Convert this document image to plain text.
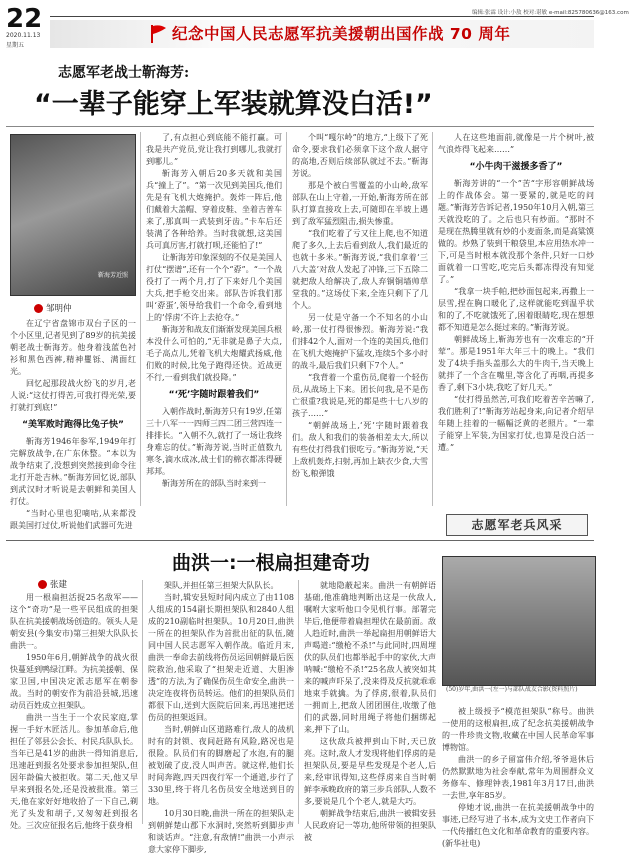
22
2020.11.13
星期五
编辑:张霖 设计:小敖 校对:谌敏 e-mail:825780636@163.com
纪念中国人民志愿军抗美援朝出国作战 70 周年
志愿军老战士靳海芳:
“一辈子能穿上军装就算没白活!”
靳海芳近照
邹明仲

在辽宁省盘锦市双台子区的一个小区里,记者见到了89岁的抗美援朝老战士靳海芳。他身着浅蓝色衬衫和黑色西裤,精神矍铄、满面红光。

回忆起那段战火纷飞的岁月,老人说:“这仗打得苦,可我打得光荣,要打就打到底!”

“美军败时跑得比兔子快”

靳海芳1946年参军,1949年打完解放战争,在广东休整。“本以为战争结束了,没想到突然接到命令往北打开赴吉林。”靳海芳回忆说,部队到武汉时才听说是去朝鲜和美国人打仗。

“当时心里也犯嘀咕,从来都没跟美国打过仗,听说他们武器可先进

了,有点担心到底能不能打赢。可我是共产党员,党让我打到哪儿,我就打到哪儿。”

靳海芳入朝后20多天就和美国兵“撞上了”。“第一次见到美国兵,他们先是有飞机大炮掩护。轰炸一阵后,他们戴着大盖帽、穿着皮鞋、坐着吉普车来了,那真叫一武装到牙齿。”卡车后还装满了各种给养。当时我就想,这美国兵可真厉害,打就打呗,还能怕了!”

让靳海芳印象深刻的不仅是美国人打仗“摆谱”,还有一个个“孬”。“一个战役打了一两个月,打了下来好几个美国大兵,把手枪交出来。部队告诉我们那叫‘孬蛋’,领导给我们一个命令,看到地上的‘俘虏’不许上去抢夺。”

靳海芳和战友们渐渐发现美国兵根本没什么可怕的,“无非就是鼻子大点,毛子高点儿,凭着飞机大炮耀武扬威,他们败的时候,比兔子跑得还快。近战更不行,一看到我们就投降。”

“‘死’字随时跟着我们”

入朝作战时,靳海芳只有19岁,任第三十八军一一四师三四二团三营四连一排排长。“入朝不久,就打了一场让我终身难忘的仗。”靳海芳说,当时正值数九寒冬,滴水成冰,战士们的棉衣都冻得硬邦邦。

靳海芳所在的部队当时来到一

个叫“嘎尔岭”的地方,“上级下了死命令,要求我们必须拿下这个敌人据守的高地,否则后续部队就过不去。”靳海芳说。

那是个被白雪覆盖的小山岭,敌军部队在山上守着,一开始,靳海芳所在部队打算直接攻上去,可随即在半坡上遇到了敌军猛烈阻击,损失惨重。

“我们吃着了亏又往上爬,也不知道爬了多久,上去后看到敌人,我们最近的也就十多米。”靳海芳说,“我们拿着‘三八大盖’对敌人发起了冲锋,三下五除二就把敌人给解决了,敌人弃铜铜墙帅草堂我的。”这场仗下来,全连只剩下了几个人。

另一仗是守备一个不知名的小山岭,那一仗打得很惨烈。靳海芳说:“我们排42个人,面对一个连的美国兵,他们在飞机大炮掩护下猛攻,连续5个多小时的战斗,最后我们只剩下7个人。”

“我背着一个重伤员,爬着一个轻伤员,从战场上下来。团长问我,是不是伤亡很重?我说是,死的都是些十七八岁的孩子……”

“朝鲜战场上,‘死’字随时跟着我们。敌人和我们的装备相差太大,所以有些仗打得我们很吃亏。”靳海芳说,“天上敌机轰炸,扫射,再加上缺衣少食,大雪纷飞,粮弹饿

人在这些地面前,就像是一片个树叶,被气浪炸得飞起来……”

“小牛肉干滋援多香了”

靳海芳讲的“一个”苦“字形容朝鲜战场上的作战体会。第一要紧的,就是吃的问题。”靳海芳告诉记者,1950年10月入朝,第三天就没吃的了。之后也只有炒面。“那时不是现在热腾里就有炒的小麦面条,而是高粱馍做的。炒熟了装到干粮袋里,本应用热水冲一下,可是当时根本就没那个条件,只好一口炒面就着一口雪吃,吃完后头都冻得没有知觉了。”

“我拿一块手帕,把炒面包起来,再撒上一层雪,捏在胸口暖化了,这样就能吃到温乎状和的了,不吃就饿死了,困着眼睛吃,现在想想都不知道是怎么挺过来的。”靳海芳说。

朝鲜战场上,靳海芳也有一次难忘的“开荤”。那是1951年大年三十的晚上。“我们发了4块手指头盖那么大的牛肉干,当天晚上就拌了一个含在嘴里,等含化了再咽,再提多香了,剩下3小块,我吃了好几天。”

“仗打得虽然苦,可我们吃着苦辛苦嘛了,我们胜利了!”靳海芳站起身来,向记者介绍早年随上挂着的一幅幅泛黄的老照片。“一辈子能穿上军装,为国家打仗,也算是没白活一遭。”

志愿军老兵风采
曲洪一:一根扁担建奇功
张建

用一根扁担活捉25名敌军——这个“奇功”是一些平民组成的担架队在抗美援朝战场创造的。领头人是朝安县(今集安市)第三担架大队队长曲洪一。

1950年6月,朝鲜战争的战火很快蔓延到鸭绿江畔。为抗美援朝、保家卫国,中国决定派志愿军在朝参战。当时的朝安作为前沿县城,迅速动员百姓成立担架队。

曲洪一当生于一个农民家庭,掌握一手好木匠活儿。参加革命后,他担任了邻县公会长、村民兵队队长。当年已是41岁的曲洪一得知消息后,迅速赶到报名处要求参加担架队,但因年龄偏大被拒收。第二天,他又早早来到报名处,还是没被批准。第三天,他在家好好地收拾了一下自己,剃光了头发和胡子,又匆匆赶到报名处。三次应征报名后,他终于获身相

架队,并担任第三担架大队队长。

当时,辑安县短时间内成立了由1108人组成的154副长期担架队和2840人组成的210副临时担架队。10月20日,曲洪一所在的担架队作为首批出征的队伍,随同中国人民志愿军入朝作战。临近月末,曲洪一奉命去前线将伤员运回朝鲜最后医院救治,他采取了“担架走近道、大胆渗透”的方法,为了确保伤员生命安全,曲洪一决定连夜将伤员转运。他们的担架队员们都很下山,送到大医院后回来,再迅速把送伤员的担架返回。

当时,朝鲜山区道路难行,敌人的战机时有的封锁、夜间赶路有风险,路况也是很险。队员们有的脚磨起了水泡,有的腿被划破了皮,没人叫声苦。就这样,他们长时间奔跑,四天四夜行军一个通道,步行了330里,终于将几名伤员安全地送到目的地。

10月30日晚,曲洪一所在的担架队走到朝鲜楚山郡下水洞时,突然听到脚步声和谈话声。“注意,有敌情!”曲洪一小声示意大家停下脚步,

就地隐蔽起来。曲洪一有朝鲜语基础,他准确地判断出这是一伙敌人,嘱咐大家听他口令见机行事。部署完毕后,他便带着扁担埋伏在最前面。敌人趋近时,曲洪一举起扁担用朝鲜语大声喝道:“缴枪不杀!”与此同时,四周埋伏的队员们也都举起手中的家伙,大声呐喊:“缴枪不杀!”25名敌人被突如其来的喊声吓呆了,没来得及反抗就乖乖地束手就擒。为了俘虏,很着,队员们一拥而上,把敌人团团围住,收缴了他们的武器,同时用绳子将他们捆绑起来,押下了山。

这伙敌兵被押到山下时,天已放亮。这时,敌人才发现将他们俘虏的是担架队员,要是早些发现是个老人,后来,经审讯得知,这些俘虏来自当时朝鲜李承晚政府的第三步兵部队,人数不多,要说是几个个老人,就是大巧。

朝鲜战争结束后,曲洪一被辑安县人民政府记一等功,他所带领的担架队被

(50)岁年,曲洪一(左一)与部队战友合影(资料照片)

被上级授予“模范担架队”称号。曲洪一使用的这根扁担,成了纪念抗美援朝战争的一件珍贵文物,收藏在中国人民革命军事博物馆。

曲洪一的乡子留富伟介绍,爷爷退休后仍然默默地为社会奉献,常年为周围群众义务修车、修理钟表,1981年3月17日,曲洪一去世,享年85岁。

停她才说,曲洪一在抗美援朝战争中的事迹,已经写进了书本,成为文史工作者向下一代传播红色文化和革命教育的重要内容。(新华社电)
